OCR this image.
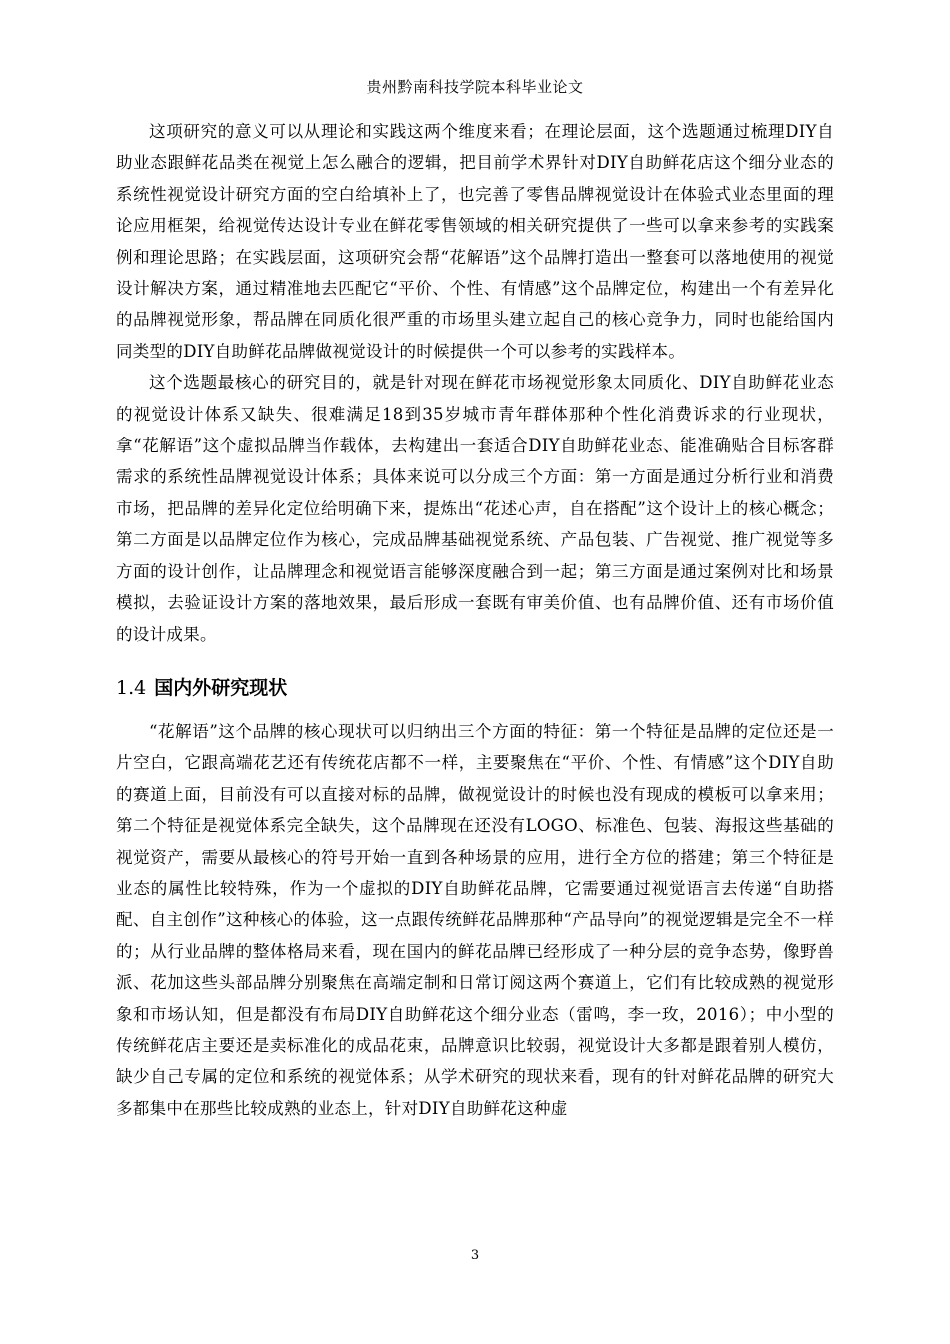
贵州黔南科技学院本科毕业论文

这项研究的意义可以从理论和实践这两个维度来看；在理论层面，这个选题通过梳理DIY自助业态跟鲜花品类在视觉上怎么融合的逻辑，把目前学术界针对DIY自助鲜花店这个细分业态的系统性视觉设计研究方面的空白给填补上了，也完善了零售品牌视觉设计在体验式业态里面的理论应用框架，给视觉传达设计专业在鲜花零售领域的相关研究提供了一些可以拿来参考的实践案例和理论思路；在实践层面，这项研究会帮“花解语”这个品牌打造出一整套可以落地使用的视觉设计解决方案，通过精准地去匹配它“平价、个性、有情感”这个品牌定位，构建出一个有差异化的品牌视觉形象，帮品牌在同质化很严重的市场里头建立起自己的核心竞争力，同时也能给国内同类型的DIY自助鲜花品牌做视觉设计的时候提供一个可以参考的实践样本。

这个选题最核心的研究目的，就是针对现在鲜花市场视觉形象太同质化、DIY自助鲜花业态的视觉设计体系又缺失、很难满足18到35岁城市青年群体那种个性化消费诉求的行业现状，拿“花解语”这个虚拟品牌当作载体，去构建出一套适合DIY自助鲜花业态、能准确贴合目标客群需求的系统性品牌视觉设计体系；具体来说可以分成三个方面：第一方面是通过分析行业和消费市场，把品牌的差异化定位给明确下来，提炼出“花述心声，自在搭配”这个设计上的核心概念；第二方面是以品牌定位作为核心，完成品牌基础视觉系统、产品包装、广告视觉、推广视觉等多方面的设计创作，让品牌理念和视觉语言能够深度融合到一起；第三方面是通过案例对比和场景模拟，去验证设计方案的落地效果，最后形成一套既有审美价值、也有品牌价值、还有市场价值的设计成果。

1.4 国内外研究现状

“花解语”这个品牌的核心现状可以归纳出三个方面的特征：第一个特征是品牌的定位还是一片空白，它跟高端花艺还有传统花店都不一样，主要聚焦在“平价、个性、有情感”这个DIY自助的赛道上面，目前没有可以直接对标的品牌，做视觉设计的时候也没有现成的模板可以拿来用；第二个特征是视觉体系完全缺失，这个品牌现在还没有LOGO、标准色、包装、海报这些基础的视觉资产，需要从最核心的符号开始一直到各种场景的应用，进行全方位的搭建；第三个特征是业态的属性比较特殊，作为一个虚拟的DIY自助鲜花品牌，它需要通过视觉语言去传递“自助搭配、自主创作”这种核心的体验，这一点跟传统鲜花品牌那种“产品导向”的视觉逻辑是完全不一样的；从行业品牌的整体格局来看，现在国内的鲜花品牌已经形成了一种分层的竞争态势，像野兽派、花加这些头部品牌分别聚焦在高端定制和日常订阅这两个赛道上，它们有比较成熟的视觉形象和市场认知，但是都没有布局DIY自助鲜花这个细分业态（雷鸣，李一玫，2016）；中小型的传统鲜花店主要还是卖标准化的成品花束，品牌意识比较弱，视觉设计大多都是跟着别人模仿，缺少自己专属的定位和系统的视觉体系；从学术研究的现状来看，现有的针对鲜花品牌的研究大多都集中在那些比较成熟的业态上，针对DIY自助鲜花这种虚

3
